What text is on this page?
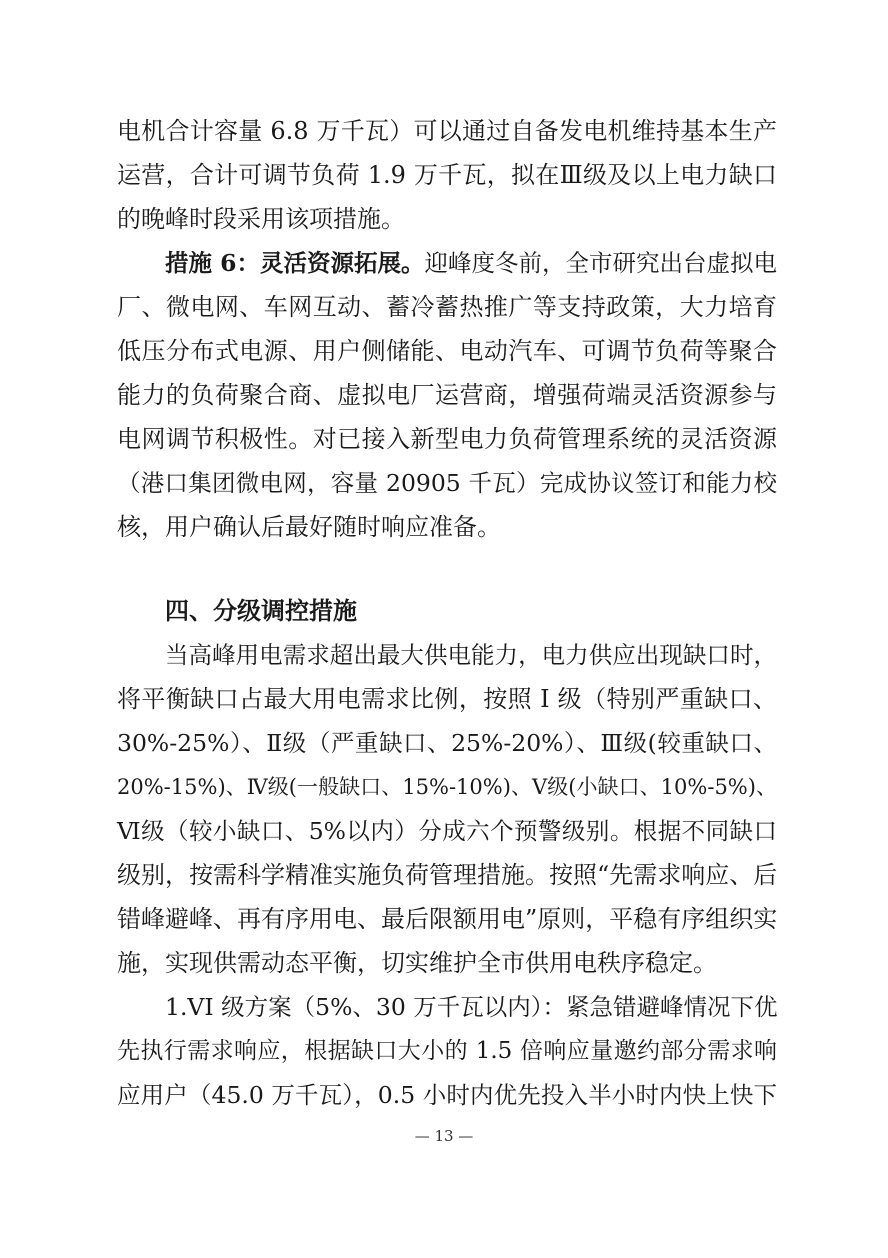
电机合计容量 6.8 万千瓦）可以通过自备发电机维持基本生产
运营，合计可调节负荷 1.9 万千瓦，拟在Ⅲ级及以上电力缺口
的晚峰时段采用该项措施。
措施 6：灵活资源拓展。迎峰度冬前，全市研究出台虚拟电
厂、微电网、车网互动、蓄冷蓄热推广等支持政策，大力培育
低压分布式电源、用户侧储能、电动汽车、可调节负荷等聚合
能力的负荷聚合商、虚拟电厂运营商，增强荷端灵活资源参与
电网调节积极性。对已接入新型电力负荷管理系统的灵活资源
（港口集团微电网，容量 20905 千瓦）完成协议签订和能力校
核，用户确认后最好随时响应准备。
四、分级调控措施
当高峰用电需求超出最大供电能力，电力供应出现缺口时，
将平衡缺口占最大用电需求比例，按照 I 级（特别严重缺口、
30%-25%）、Ⅱ级（严重缺口、25%-20%）、Ⅲ级(较重缺口、
20%-15%)、Ⅳ级(一般缺口、15%-10%)、Ⅴ级(小缺口、10%-5%)、
Ⅵ级（较小缺口、5%以内）分成六个预警级别。根据不同缺口
级别，按需科学精准实施负荷管理措施。按照“先需求响应、后
错峰避峰、再有序用电、最后限额用电”原则，平稳有序组织实
施，实现供需动态平衡，切实维护全市供用电秩序稳定。
1.VI 级方案（5%、30 万千瓦以内）：紧急错避峰情况下优
先执行需求响应，根据缺口大小的 1.5 倍响应量邀约部分需求响
应用户（45.0 万千瓦），0.5 小时内优先投入半小时内快上快下
— 13 —
